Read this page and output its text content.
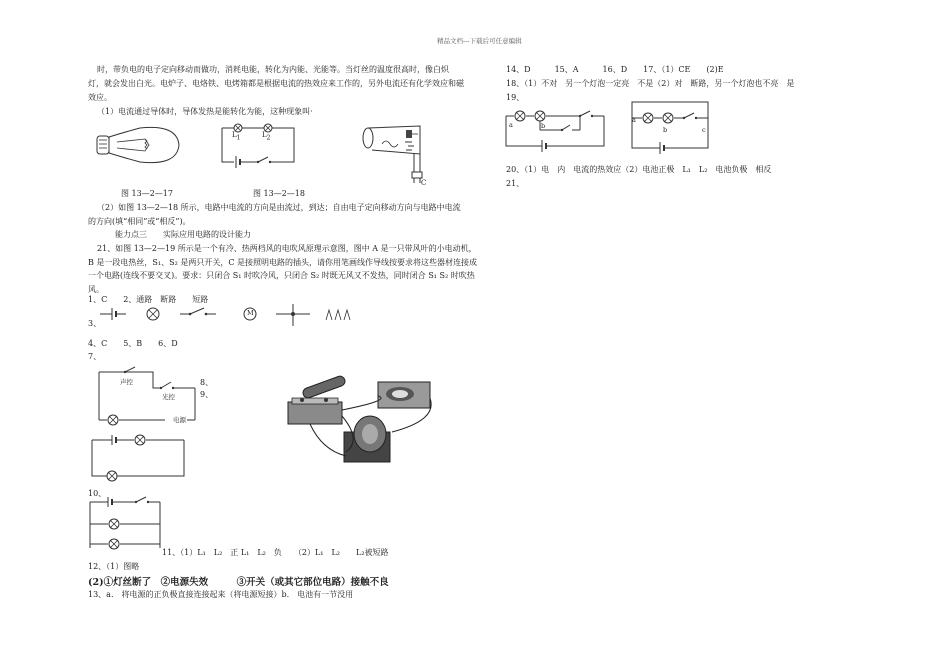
精品文档---下载后可任意编辑
时，带负电的电子定向移动而做功，消耗电能，转化为内能、光能等。当灯丝的温度很高时，像白炽
灯，就会发出白光。电炉子、电烙铁、电烤箱都是根据电流的热效应来工作的，另外电流还有化学效应和磁
效应。
（1）电流通过导体时，导体发热是能转化为能，这种现象叫·
L1	L2
C
图 13—2—17	图 13—2—18
（2）如图 13—2—18 所示，电路中电流的方向是由流过，到达；自由电子定向移动方向与电路中电流
的方向(填“相同”或“相反”)。
能力点三　　实际应用电路的设计能力
21、如图 13—2—19 所示是一个有冷、热两档风的电吹风原理示意图，图中 A 是一只带风叶的小电动机，
B 是一段电热丝，S₁、S₂ 是两只开关，C 是接照明电路的插头，请你用笔画线作导线按要求将这些器材连接成
一个电路(连线不要交叉)。要求：只闭合 S₁ 时吹冷风，只闭合 S₂ 时既无风又不发热，同时闭合 S₁ S₂ 时吹热
风。
1、C　　2、通路　断路　　短路
M
3、
4、C　　5、B　　6、D
7、
声控
光控
电源
8、
9、
10、
11、（1）L₁　L₂　正 L₁　L₂　负　　（2）L₁　L₂　　L₂被短路
12、（1）图略
(2)①灯丝断了　②电源失效　　　③开关（或其它部位电路）接触不良
13、a.　将电源的正负极直接连接起来（将电源短接）b.　电池有一节没用
14、D　　　15、A　　　16、D　　17、（1）CE　　(2)E
18、（1）不对　另一个灯泡一定亮　不是（2）对　断路，另一个灯泡也不亮　是
19、
a	b
a
b	c
20、（1）电　内　电流的热效应（2）电池正极　L₁　L₂　电池负极　相反
21、
